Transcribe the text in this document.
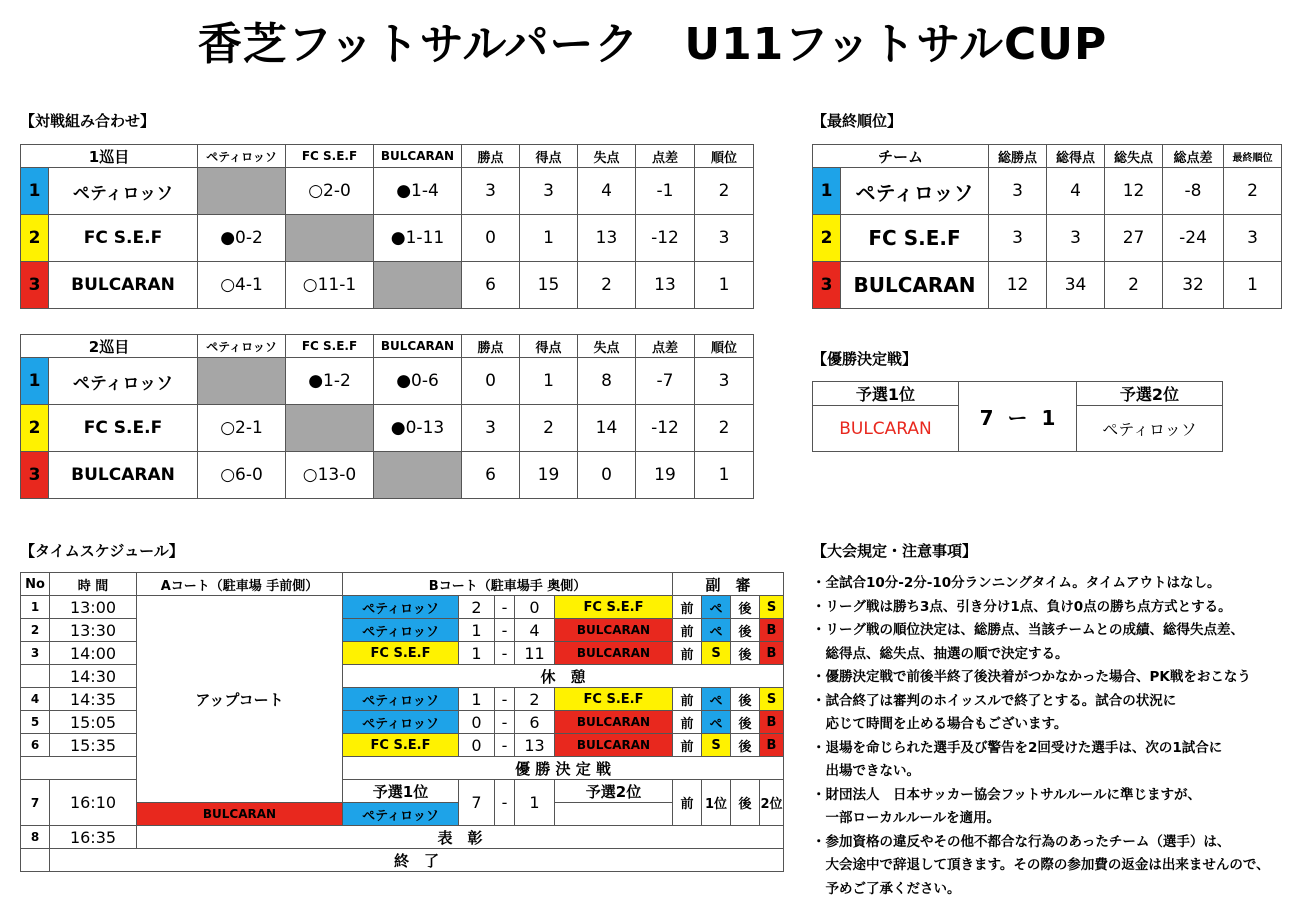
香芝フットサルパーク　U11フットサルCUP
【対戦組み合わせ】	【最終順位】
【優勝決定戦】
【タイムスケジュール】	【大会規定・注意事項】
1巡目		ペティロッソ	FC S.E.F	BULCARAN	勝点	得点	失点	点差	順位
1	ペティロッソ		○2-0	●1-4	3	3	4	-1	2
2	FC S.E.F	●0-2		●1-11	0	1	13	-12	3
3	BULCARAN	○4-1	○11-1		6	15	2	13	1
2巡目		ペティロッソ	FC S.E.F	BULCARAN	勝点	得点	失点	点差	順位
1	ペティロッソ		●1-2	●0-6	0	1	8	-7	3
2	FC S.E.F	○2-1		●0-13	3	2	14	-12	2
3	BULCARAN	○6-0	○13-0		6	19	0	19	1
チーム		総勝点	総得点	総失点	総点差	最終順位
1	ペティロッソ	3	4	12	-8	2
2	FC S.E.F	3	3	27	-24	3
3	BULCARAN	12	34	2	32	1
予選1位	7 ー 1	予選2位
BULCARAN		ペティロッソ
No	時 間	Aコート（駐車場 手前側）	Bコート（駐車場手 奥側）					副　審			
1	13:00	アップコート	ペティロッソ	2	-	0	FC S.E.F	前	ペ	後	S
2	13:30		ペティロッソ	1	-	4	BULCARAN	前	ペ	後	B
3	14:00		FC S.E.F	1	-	11	BULCARAN	前	S	後	B
	14:30		休　憩								
4	14:35		ペティロッソ	1	-	2	FC S.E.F	前	ペ	後	S
5	15:05		ペティロッソ	0	-	6	BULCARAN	前	ペ	後	B
6	15:35		FC S.E.F	0	-	13	BULCARAN	前	S	後	B
			優 勝 決 定 戦								
7	16:10		予選1位	7	-	1	予選2位	前	1位	後	2位
		BULCARAN	ペティロッソ								
8	16:35	表　彰									
	終　了										
・全試合10分-2分-10分ランニングタイム。タイムアウトはなし。
・リーグ戦は勝ち3点、引き分け1点、負け0点の勝ち点方式とする。
・リーグ戦の順位決定は、総勝点、当該チームとの成績、総得失点差、
　総得点、総失点、抽選の順で決定する。
・優勝決定戦で前後半終了後決着がつかなかった場合、PK戦をおこなう
・試合終了は審判のホイッスルで終了とする。試合の状況に
　応じて時間を止める場合もございます。
・退場を命じられた選手及び警告を2回受けた選手は、次の1試合に
　出場できない。
・財団法人　日本サッカー協会フットサルルールに準じますが、
　一部ローカルルールを適用。
・参加資格の違反やその他不都合な行為のあったチーム（選手）は、
　大会途中で辞退して頂きます。その際の参加費の返金は出来ませんので、
　予めご了承ください。
